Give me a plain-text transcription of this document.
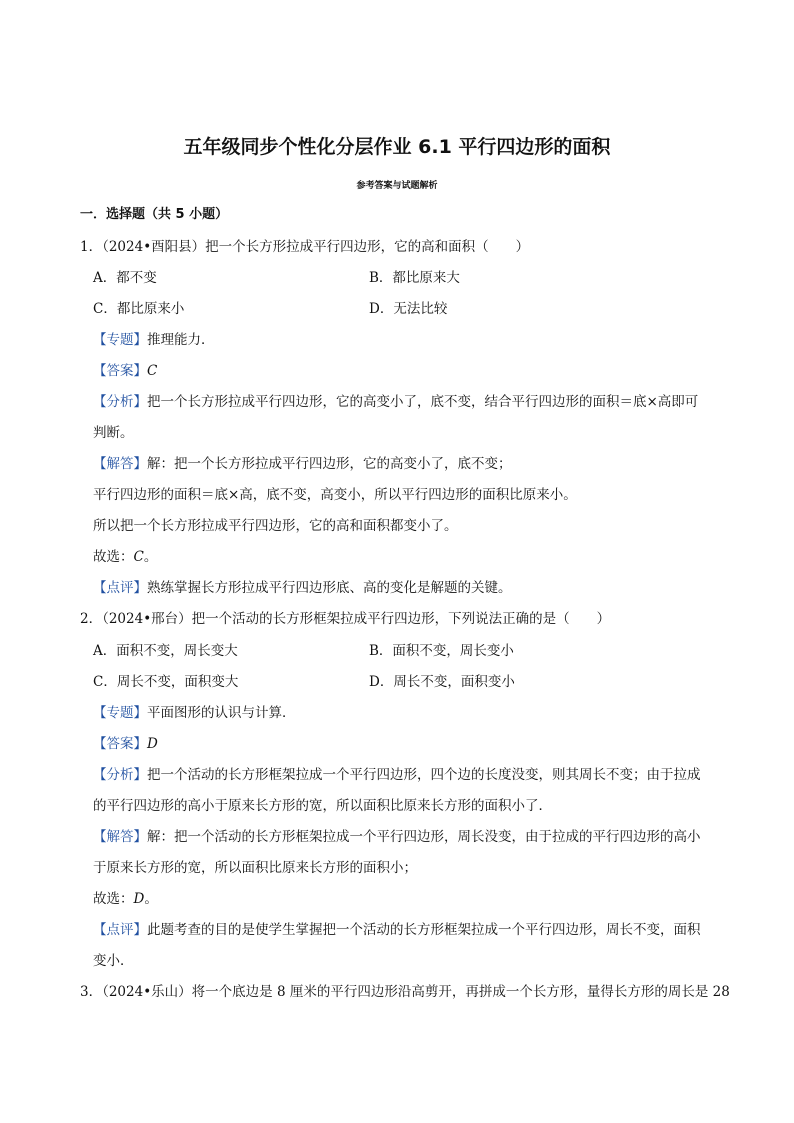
五年级同步个性化分层作业 6.1 平行四边形的面积
参考答案与试题解析
一．选择题（共 5 小题）
1．（2024•酉阳县）把一个长方形拉成平行四边形，它的高和面积（　　）
A．都不变	B．都比原来大
C．都比原来小	D．无法比较
【专题】推理能力．
【答案】C
【分析】把一个长方形拉成平行四边形，它的高变小了，底不变，结合平行四边形的面积＝底×高即可
判断。
【解答】解：把一个长方形拉成平行四边形，它的高变小了，底不变；
平行四边形的面积＝底×高，底不变，高变小，所以平行四边形的面积比原来小。
所以把一个长方形拉成平行四边形，它的高和面积都变小了。
故选：C。
【点评】熟练掌握长方形拉成平行四边形底、高的变化是解题的关键。
2．（2024•邢台）把一个活动的长方形框架拉成平行四边形，下列说法正确的是（　　）
A．面积不变，周长变大	B．面积不变，周长变小
C．周长不变，面积变大	D．周长不变，面积变小
【专题】平面图形的认识与计算．
【答案】D
【分析】把一个活动的长方形框架拉成一个平行四边形，四个边的长度没变，则其周长不变；由于拉成
的平行四边形的高小于原来长方形的宽，所以面积比原来长方形的面积小了．
【解答】解：把一个活动的长方形框架拉成一个平行四边形，周长没变，由于拉成的平行四边形的高小
于原来长方形的宽，所以面积比原来长方形的面积小；
故选：D。
【点评】此题考查的目的是使学生掌握把一个活动的长方形框架拉成一个平行四边形，周长不变，面积
变小．
3．（2024•乐山）将一个底边是 8 厘米的平行四边形沿高剪开，再拼成一个长方形，量得长方形的周长是 28
